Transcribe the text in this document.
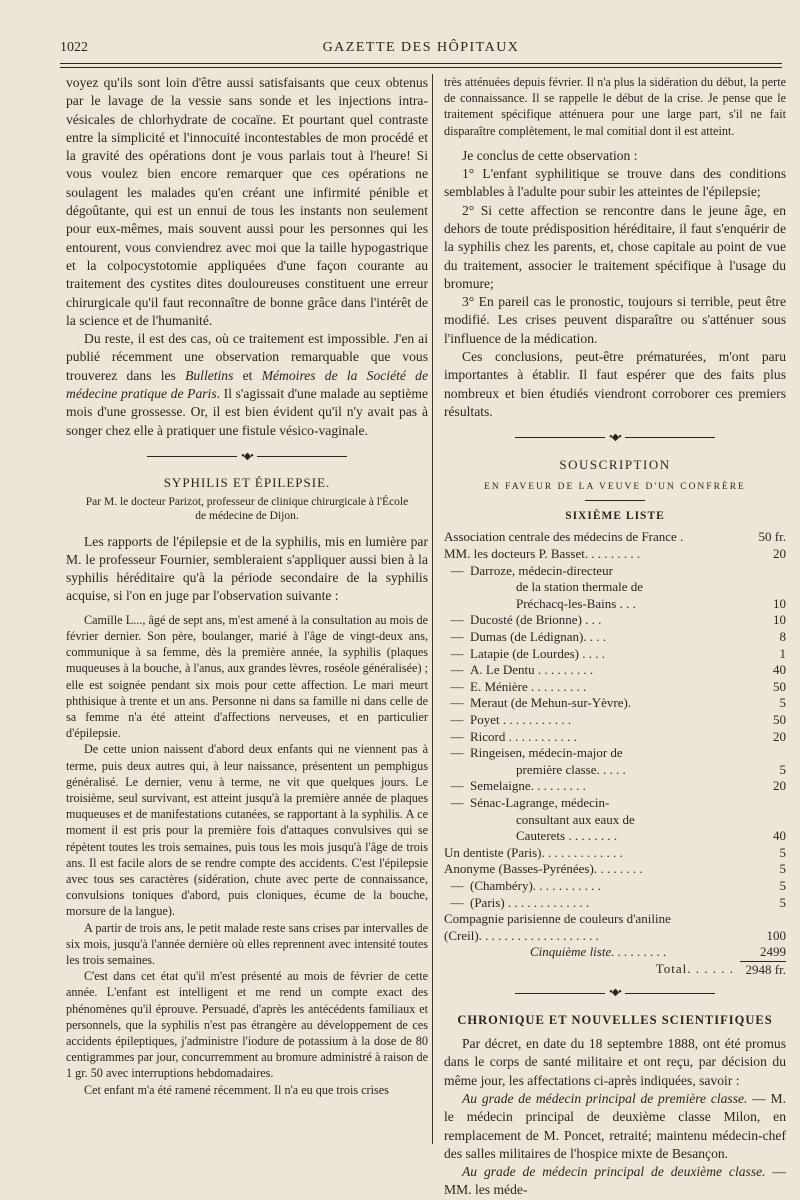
1022	GAZETTE DES HÔPITAUX

voyez qu'ils sont loin d'être aussi satisfaisants que ceux obtenus par le lavage de la vessie sans sonde et les injections intra-vésicales de chlorhydrate de cocaïne. Et pourtant quel contraste entre la simplicité et l'innocuité incontestables de mon procédé et la gravité des opérations dont je vous parlais tout à l'heure! Si vous voulez bien encore remarquer que ces opérations ne soulagent les malades qu'en créant une infirmité pénible et dégoûtante, qui est un ennui de tous les instants non seulement pour eux-mêmes, mais souvent aussi pour les personnes qui les entourent, vous conviendrez avec moi que la taille hypogastrique et la colpocystotomie appliquées d'une façon courante au traitement des cystites dites douloureuses constituent une erreur chirurgicale qu'il faut reconnaître de bonne grâce dans l'intérêt de la science et de l'humanité.

Du reste, il est des cas, où ce traitement est impossible. J'en ai publié récemment une observation remarquable que vous trouverez dans les Bulletins et Mémoires de la Société de médecine pratique de Paris. Il s'agissait d'une malade au septième mois d'une grossesse. Or, il est bien évident qu'il n'y avait pas à songer chez elle à pratiquer une fistule vésico-vaginale.

•◆•
SYPHILIS ET ÉPILEPSIE.
Par M. le docteur Parizot, professeur de clinique chirurgicale à l'École de médecine de Dijon.

Les rapports de l'épilepsie et de la syphilis, mis en lumière par M. le professeur Fournier, sembleraient s'appliquer aussi bien à la syphilis héréditaire qu'à la période secondaire de la syphilis acquise, si l'on en juge par l'observation suivante :

Camille L..., âgé de sept ans, m'est amené à la consultation au mois de février dernier. Son père, boulanger, marié à l'âge de vingt-deux ans, communique à sa femme, dès la première année, la syphilis (plaques muqueuses à la bouche, à l'anus, aux grandes lèvres, roséole généralisée) ; elle est soignée pendant six mois pour cette affection. Le mari meurt phthisique à trente et un ans. Personne ni dans sa famille ni dans celle de sa femme n'a été atteint d'affections nerveuses, et en particulier d'épilepsie.

De cette union naissent d'abord deux enfants qui ne viennent pas à terme, puis deux autres qui, à leur naissance, présentent un pemphigus généralisé. Le dernier, venu à terme, ne vit que quelques jours. Le troisième, seul survivant, est atteint jusqu'à la première année de plaques muqueuses et de manifestations cutanées, se rapportant à la syphilis. A ce moment il est pris pour la première fois d'attaques convulsives qui se répètent toutes les trois semaines, puis tous les mois jusqu'à l'âge de trois ans. Il est facile alors de se rendre compte des accidents. C'est l'épilepsie avec tous ses caractères (sidération, chute avec perte de connaissance, convulsions toniques d'abord, puis cloniques, écume de la bouche, morsure de la langue).

A partir de trois ans, le petit malade reste sans crises par intervalles de six mois, jusqu'à l'année dernière où elles reprennent avec intensité toutes les trois semaines.

C'est dans cet état qu'il m'est présenté au mois de février de cette année. L'enfant est intelligent et me rend un compte exact des phénomènes qu'il éprouve. Persuadé, d'après les antécédents familiaux et personnels, que la syphilis n'est pas étrangère au développement de ces accidents épileptiques, j'administre l'iodure de potassium à la dose de 80 centigrammes par jour, concurremment au bromure administré à raison de 1 gr. 50 avec interruptions hebdomadaires.

Cet enfant m'a été ramené récemment. Il n'a eu que trois crises

très atténuées depuis février. Il n'a plus la sidération du début, la perte de connaissance. Il se rappelle le début de la crise. Je pense que le traitement spécifique atténuera pour une large part, s'il ne fait disparaître complètement, le mal comitial dont il est atteint.

Je conclus de cette observation :

1° L'enfant syphilitique se trouve dans des conditions semblables à l'adulte pour subir les atteintes de l'épilepsie;

2° Si cette affection se rencontre dans le jeune âge, en dehors de toute prédisposition héréditaire, il faut s'enquérir de la syphilis chez les parents, et, chose capitale au point de vue du traitement, associer le traitement spécifique à l'usage du bromure;

3° En pareil cas le pronostic, toujours si terrible, peut être modifié. Les crises peuvent disparaître ou s'atténuer sous l'influence de la médication.

Ces conclusions, peut-être prématurées, m'ont paru importantes à établir. Il faut espérer que des faits plus nombreux et bien étudiés viendront corroborer ces premiers résultats.

•◆•
SOUSCRIPTION
EN FAVEUR DE LA VEUVE D'UN CONFRÈRE
SIXIÈME LISTE
Association centrale des médecins de France .		50 fr.
MM. les docteurs P. Basset. . . . . . . . .		20
—	Darroze, médecin-directeur	
	de la station thermale de	
	Préchacq-les-Bains . . .	10
—	Ducosté (de Brionne) . . .	10
—	Dumas (de Lédignan). . . .	8
—	Latapie (de Lourdes) . . . .	1
—	A. Le Dentu . . . . . . . . .	40
—	E. Ménière . . . . . . . . .	50
—	Meraut (de Mehun-sur-Yèvre).	5
—	Poyet . . . . . . . . . . .	50
—	Ricord . . . . . . . . . . .	20
—	Ringeisen, médecin-major de	
	première classe. . . . .	5
—	Semelaigne. . . . . . . . .	20
—	Sénac-Lagrange, médecin-	
	consultant aux eaux de	
	Cauterets . . . . . . . .	40
Un dentiste (Paris). . . . . . . . . . . . .		5
Anonyme (Basses-Pyrénées). . . . . . . .		5
—	(Chambéry). . . . . . . . . . .	5
—	(Paris) . . . . . . . . . . . . .	5
Compagnie parisienne de couleurs d'aniline		
(Creil). . . . . . . . . . . . . . . . . . .		100
	Cinquième liste. . . . . . . . .	2499
	Total. . . . . .	2948 fr.
•◆•
CHRONIQUE ET NOUVELLES SCIENTIFIQUES

Par décret, en date du 18 septembre 1888, ont été promus dans le corps de santé militaire et ont reçu, par décision du même jour, les affectations ci-après indiquées, savoir :

Au grade de médecin principal de première classe. — M. le médecin principal de deuxième classe Milon, en remplacement de M. Poncet, retraité; maintenu médecin-chef des salles militaires de l'hospice mixte de Besançon.

Au grade de médecin principal de deuxième classe. — MM. les méde-
